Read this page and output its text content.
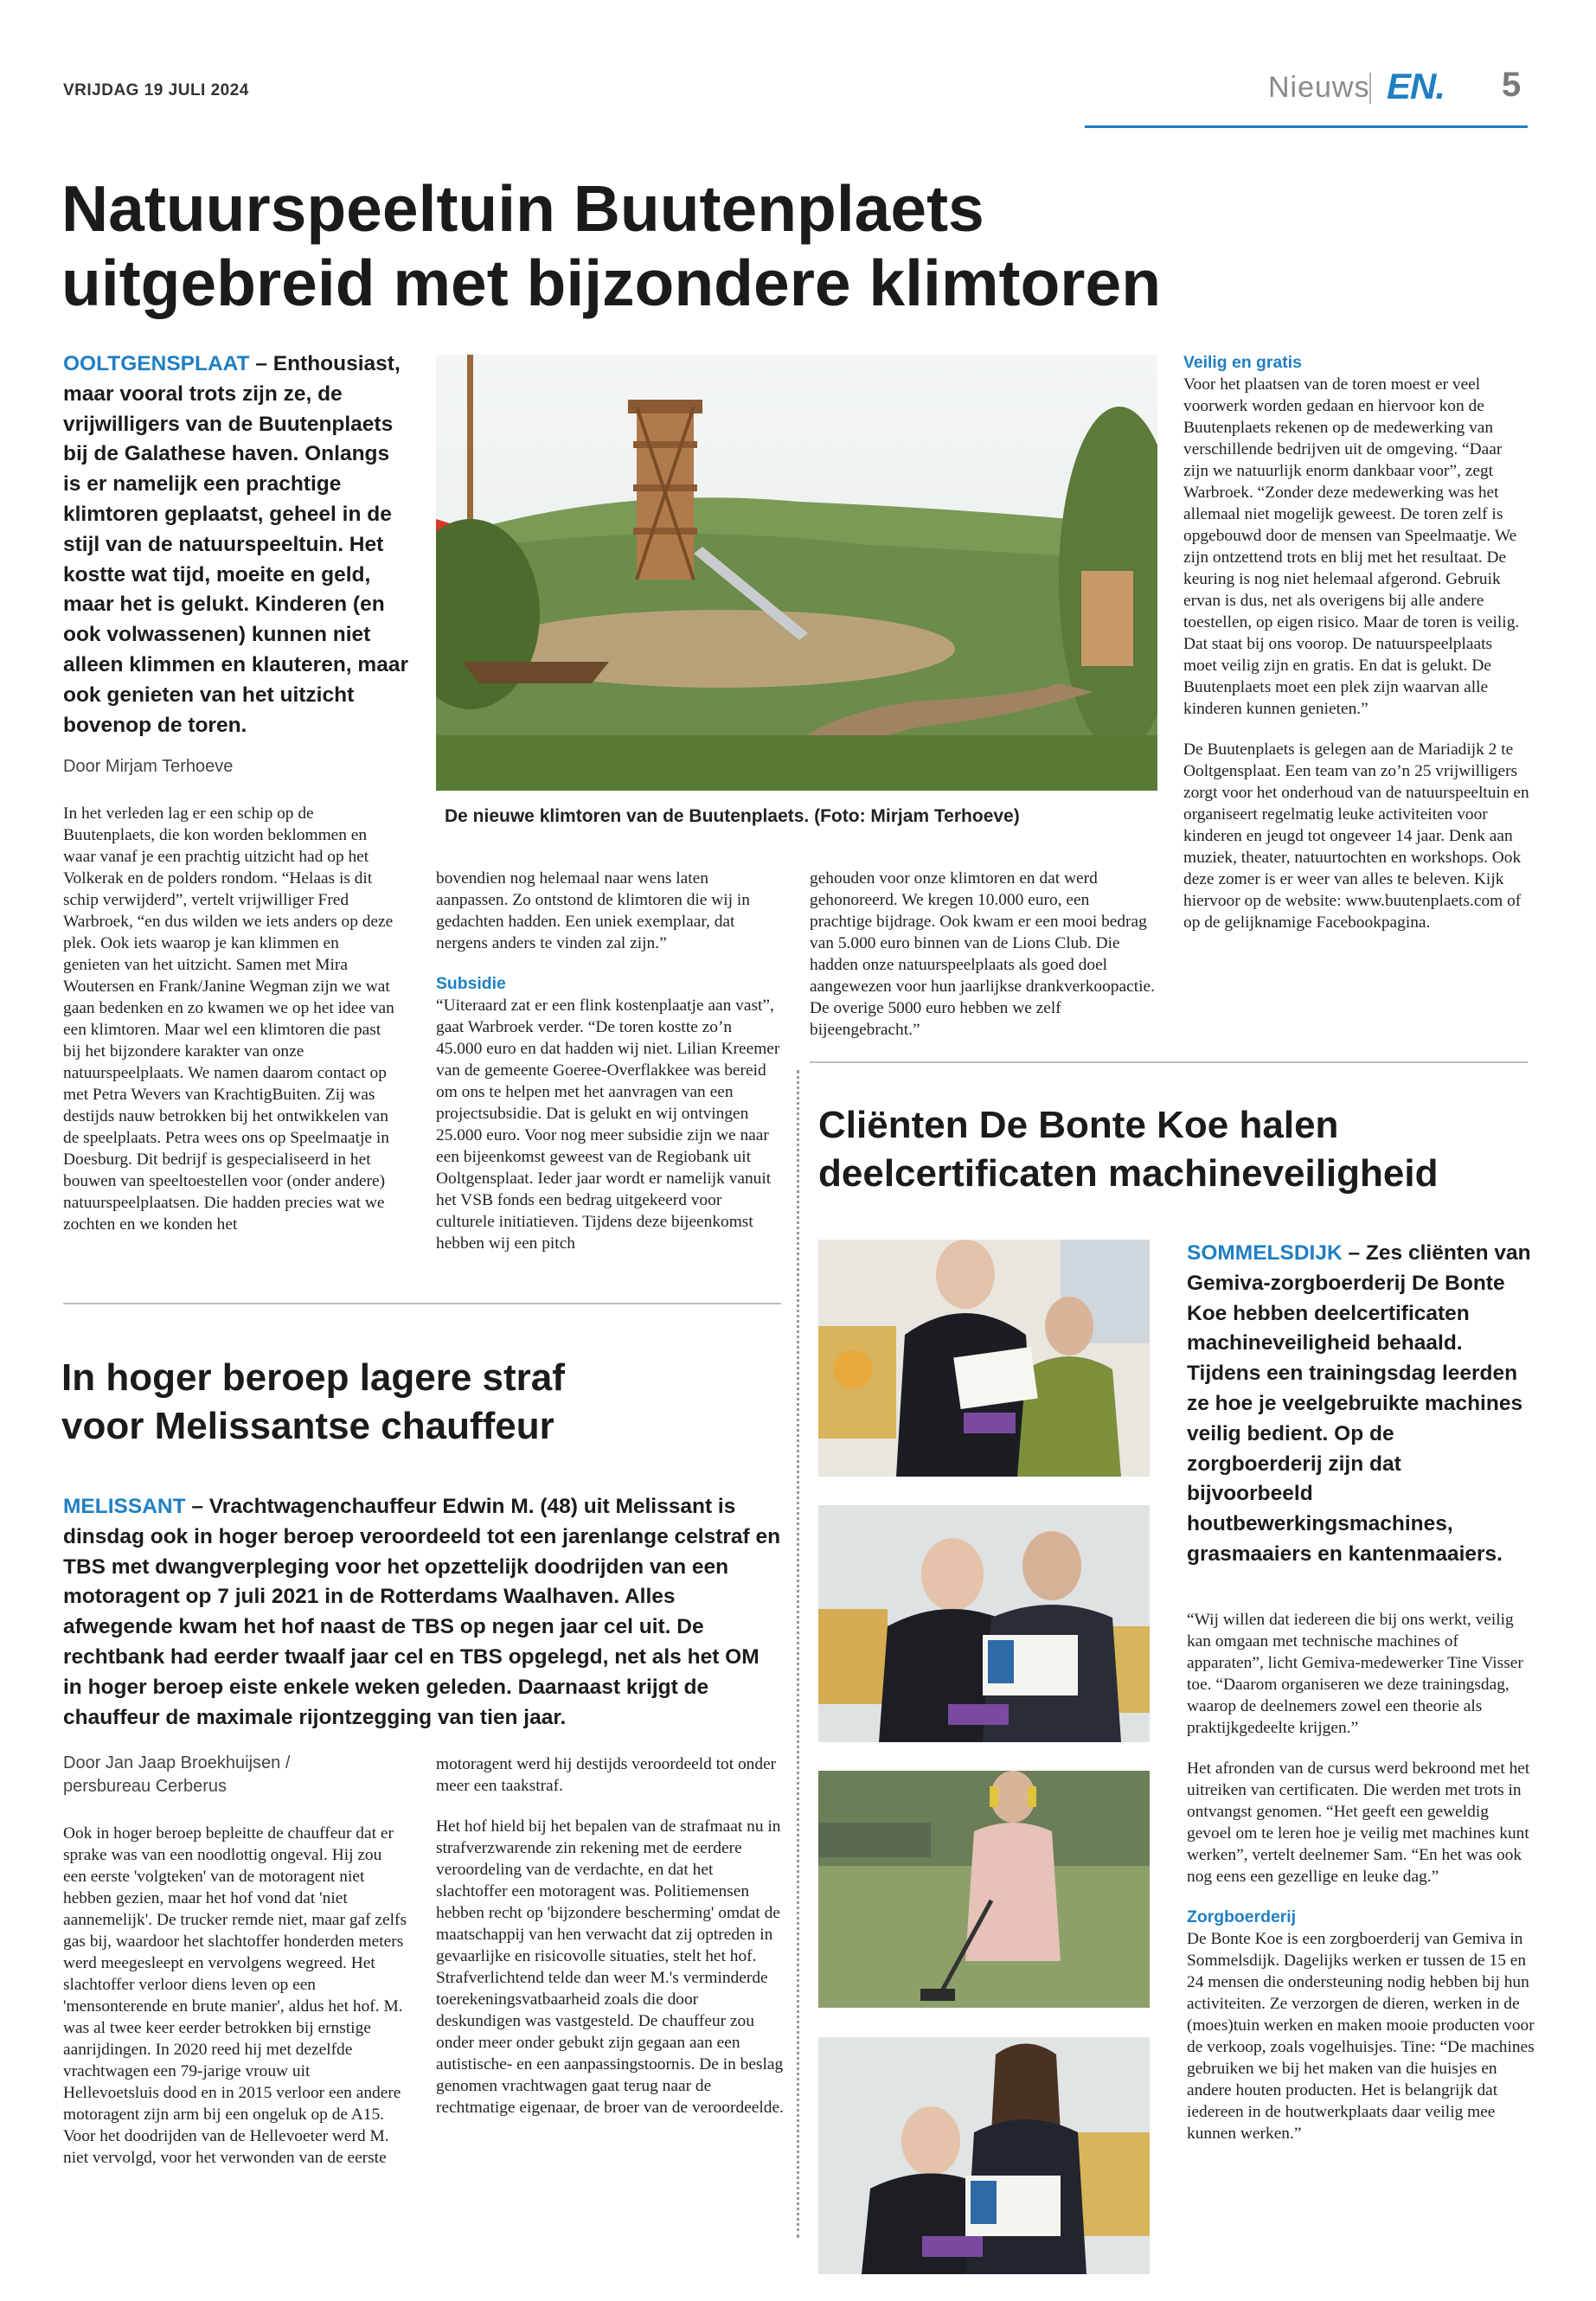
VRIJDAG 19 JULI 2024	Nieuws EN. 5
Natuurspeeltuin Buutenplaets
uitgebreid met bijzondere klimtoren

OOLTGENSPLAAT – Enthousiast, maar vooral trots zijn ze, de vrijwilligers van de Buutenplaets bij de Galathese haven. Onlangs is er namelijk een prachtige klimtoren geplaatst, geheel in de stijl van de natuurspeeltuin. Het kostte wat tijd, moeite en geld, maar het is gelukt. Kinderen (en ook volwassenen) kunnen niet alleen klimmen en klauteren, maar ook genieten van het uitzicht bovenop de toren.

Door Mirjam Terhoeve

De nieuwe klimtoren van de Buutenplaets. (Foto: Mirjam Terhoeve)

In het verleden lag er een schip op de Buutenplaets, die kon worden beklommen en waar vanaf je een prachtig uitzicht had op het Volkerak en de polders rondom. “Helaas is dit schip verwijderd”, vertelt vrijwilliger Fred Warbroek, “en dus wilden we iets anders op deze plek. Ook iets waarop je kan klimmen en genieten van het uitzicht. Samen met Mira Woutersen en Frank/Janine Wegman zijn we wat gaan bedenken en zo kwamen we op het idee van een klimtoren. Maar wel een klimtoren die past bij het bijzondere karakter van onze natuurspeelplaats. We namen daarom contact op met Petra Wevers van KrachtigBuiten. Zij was destijds nauw betrokken bij het ontwikkelen van de speelplaats. Petra wees ons op Speelmaatje in Doesburg. Dit bedrijf is gespecialiseerd in het bouwen van speeltoestellen voor (onder andere) natuurspeelplaatsen. Die hadden precies wat we zochten en we konden het

bovendien nog helemaal naar wens laten aanpassen. Zo ontstond de klimtoren die wij in gedachten hadden. Een uniek exemplaar, dat nergens anders te vinden zal zijn.”

Subsidie

“Uiteraard zat er een flink kostenplaatje aan vast”, gaat Warbroek verder. “De toren kostte zo’n 45.000 euro en dat hadden wij niet. Lilian Kreemer van de gemeente Goeree-Overflakkee was bereid om ons te helpen met het aanvragen van een projectsubsidie. Dat is gelukt en wij ontvingen 25.000 euro. Voor nog meer subsidie zijn we naar een bijeenkomst geweest van de Regiobank uit Ooltgensplaat. Ieder jaar wordt er namelijk vanuit het VSB fonds een bedrag uitgekeerd voor culturele initiatieven. Tijdens deze bijeenkomst hebben wij een pitch

gehouden voor onze klimtoren en dat werd gehonoreerd. We kregen 10.000 euro, een prachtige bijdrage. Ook kwam er een mooi bedrag van 5.000 euro binnen van de Lions Club. Die hadden onze natuurspeelplaats als goed doel aangewezen voor hun jaarlijkse drankverkoopactie. De overige 5000 euro hebben we zelf bijeengebracht.”

Veilig en gratis

Voor het plaatsen van de toren moest er veel voorwerk worden gedaan en hiervoor kon de Buutenplaets rekenen op de medewerking van verschillende bedrijven uit de omgeving. “Daar zijn we natuurlijk enorm dankbaar voor”, zegt Warbroek. “Zonder deze medewerking was het allemaal niet mogelijk geweest. De toren zelf is opgebouwd door de mensen van Speelmaatje. We zijn ontzettend trots en blij met het resultaat. De keuring is nog niet helemaal afgerond. Gebruik ervan is dus, net als overigens bij alle andere toestellen, op eigen risico. Maar de toren is veilig. Dat staat bij ons voorop. De natuurspeelplaats moet veilig zijn en gratis. En dat is gelukt. De Buutenplaets moet een plek zijn waarvan alle kinderen kunnen genieten.”

De Buutenplaets is gelegen aan de Mariadijk 2 te Ooltgensplaat. Een team van zo’n 25 vrijwilligers zorgt voor het onderhoud van de natuurspeeltuin en organiseert regelmatig leuke activiteiten voor kinderen en jeugd tot ongeveer 14 jaar. Denk aan muziek, theater, natuurtochten en workshops. Ook deze zomer is er weer van alles te beleven. Kijk hiervoor op de website: www.buutenplaets.com of op de gelijknamige Facebookpagina.

In hoger beroep lagere straf
voor Melissantse chauffeur

MELISSANT – Vrachtwagenchauffeur Edwin M. (48) uit Melissant is dinsdag ook in hoger beroep veroordeeld tot een jarenlange celstraf en TBS met dwangverpleging voor het opzettelijk doodrijden van een motoragent op 7 juli 2021 in de Rotterdams Waalhaven. Alles afwegende kwam het hof naast de TBS op negen jaar cel uit. De rechtbank had eerder twaalf jaar cel en TBS opgelegd, net als het OM in hoger beroep eiste enkele weken geleden. Daarnaast krijgt de chauffeur de maximale rijontzegging van tien jaar.

Door Jan Jaap Broekhuijsen /
persbureau Cerberus

Ook in hoger beroep bepleitte de chauffeur dat er sprake was van een noodlottig ongeval. Hij zou een eerste 'volgteken' van de motoragent niet hebben gezien, maar het hof vond dat 'niet aannemelijk'. De trucker remde niet, maar gaf zelfs gas bij, waardoor het slachtoffer honderden meters werd meegesleept en vervolgens wegreed. Het slachtoffer verloor diens leven op een 'mensonterende en brute manier', aldus het hof. M. was al twee keer eerder betrokken bij ernstige aanrijdingen. In 2020 reed hij met dezelfde vrachtwagen een 79-jarige vrouw uit Hellevoetsluis dood en in 2015 verloor een andere motoragent zijn arm bij een ongeluk op de A15. Voor het doodrijden van de Hellevoeter werd M. niet vervolgd, voor het verwonden van de eerste

motoragent werd hij destijds veroordeeld tot onder meer een taakstraf.

Het hof hield bij het bepalen van de strafmaat nu in strafverzwarende zin rekening met de eerdere veroordeling van de verdachte, en dat het slachtoffer een motoragent was. Politiemensen hebben recht op 'bijzondere bescherming' omdat de maatschappij van hen verwacht dat zij optreden in gevaarlijke en risicovolle situaties, stelt het hof. Strafverlichtend telde dan weer M.'s verminderde toerekeningsvatbaarheid zoals die door deskundigen was vastgesteld. De chauffeur zou onder meer onder gebukt zijn gegaan aan een autistische- en een aanpassingstoornis. De in beslag genomen vrachtwagen gaat terug naar de rechtmatige eigenaar, de broer van de veroordeelde.

Cliënten De Bonte Koe halen
deelcertificaten machineveiligheid

SOMMELSDIJK – Zes cliënten van Gemiva-zorgboerderij De Bonte Koe hebben deelcertificaten machineveiligheid behaald. Tijdens een trainingsdag leerden ze hoe je veelgebruikte machines veilig bedient. Op de zorgboerderij zijn dat bijvoorbeeld houtbewerkingsmachines, grasmaaiers en kantenmaaiers.

“Wij willen dat iedereen die bij ons werkt, veilig kan omgaan met technische machines of apparaten”, licht Gemiva-medewerker Tine Visser toe. “Daarom organiseren we deze trainingsdag, waarop de deelnemers zowel een theorie als praktijkgedeelte krijgen.”

Het afronden van de cursus werd bekroond met het uitreiken van certificaten. Die werden met trots in ontvangst genomen. “Het geeft een geweldig gevoel om te leren hoe je veilig met machines kunt werken”, vertelt deelnemer Sam. “En het was ook nog eens een gezellige en leuke dag.”

Zorgboerderij

De Bonte Koe is een zorgboerderij van Gemiva in Sommelsdijk. Dagelijks werken er tussen de 15 en 24 mensen die ondersteuning nodig hebben bij hun activiteiten. Ze verzorgen de dieren, werken in de (moes)tuin werken en maken mooie producten voor de verkoop, zoals vogelhuisjes. Tine: “De machines gebruiken we bij het maken van die huisjes en andere houten producten. Het is belangrijk dat iedereen in de houtwerkplaats daar veilig mee kunnen werken.”
